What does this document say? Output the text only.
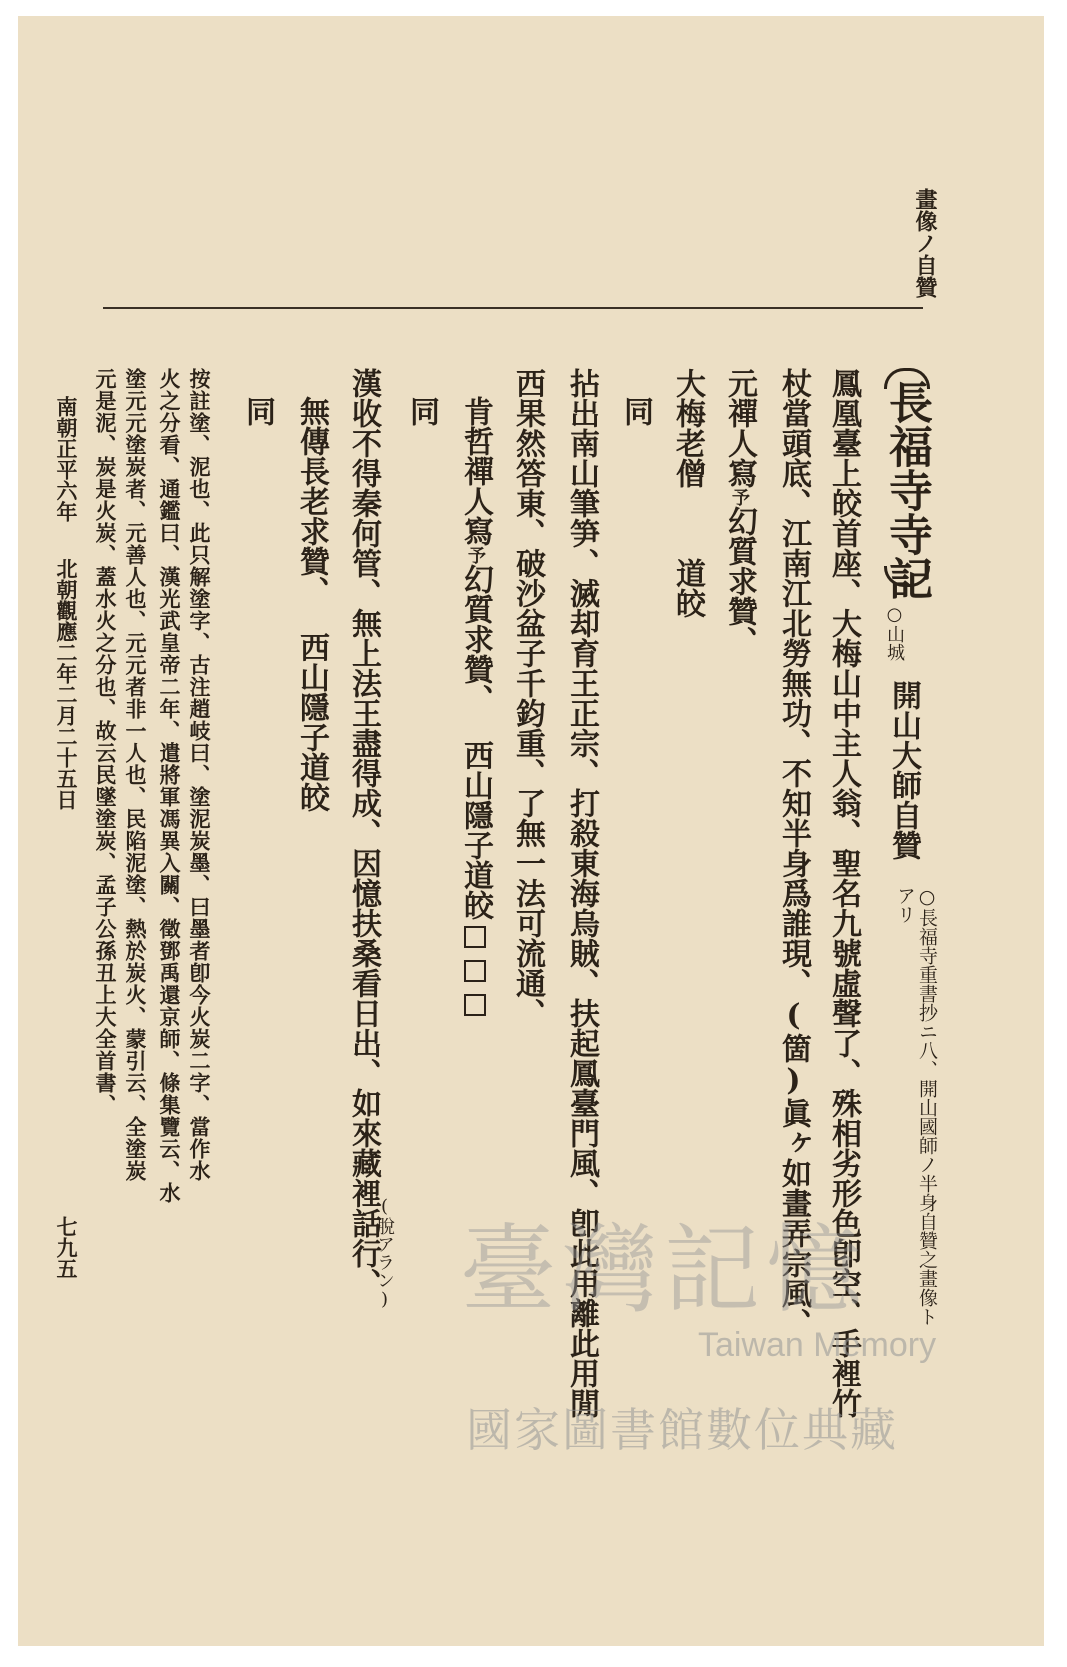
畫像ノ自贊
長福寺寺記
○山城
開山大師自贊
○長福寺重書抄ニ八、開山國師ノ半身自贊之畫像トアリ
鳳凰臺上皎首座、大梅山中主人翁、聖名九號虛聲了、殊相劣形色卽空、手裡竹
杖當頭底、江南江北勞無功、不知半身爲誰現、(箇)眞ヶ如畫弄宗風、
元禪人寫予幻質求贊、
大梅老僧道皎
同
拈出南山筆笋、滅却育王正宗、打殺東海烏賊、扶起鳳臺門風、卽此用離此用閒
西果然答東、破沙盆子千鈞重、了無一法可流通、
肯哲禪人寫予幻質求贊、西山隱子道皎
同
漢收不得秦何管、無上法王盡得成、因憶扶桑看日出、如來藏裡話行、
(脫アラン)
無傳長老求贊、西山隱子道皎
同
按註塗、泥也、此只解塗字、古注趙岐曰、塗泥炭墨、曰墨者卽今火炭二字、當作水
火之分看、通鑑曰、漢光武皇帝二年、遣將軍馮異入關、徵鄧禹還京師、條集覽云、水
塗元元塗炭者、元善人也、元元者非一人也、民陷泥塗、熱於炭火、蒙引云、全塗炭
元是泥、炭是火炭、蓋水火之分也、故云民墜塗炭、孟子公孫丑上大全首書、
南朝正平六年北朝觀應二年二月二十五日
七九五	臺灣記憶
Taiwan Memory
國家圖書館數位典藏
